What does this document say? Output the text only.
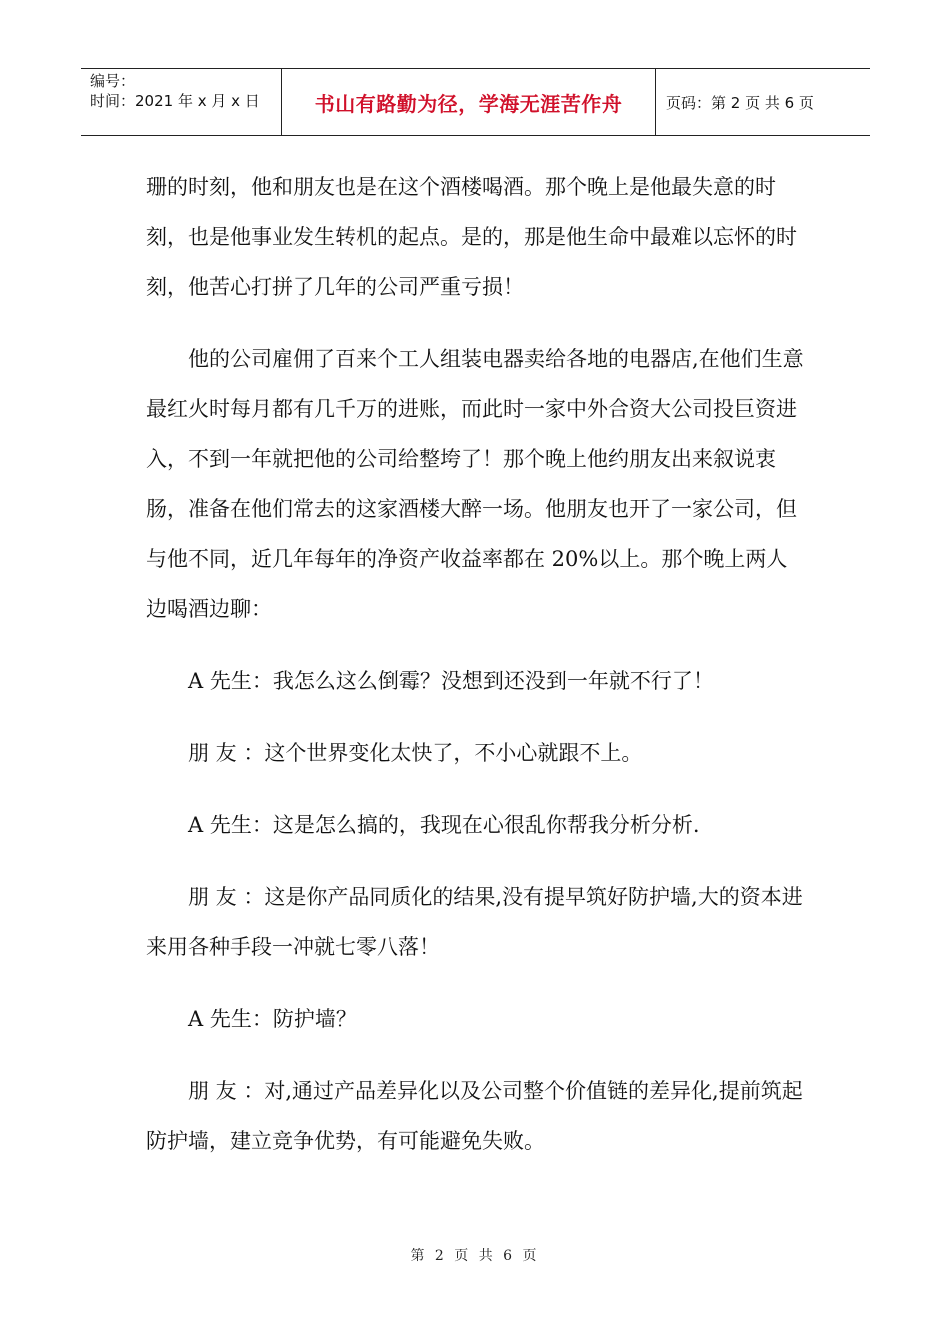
编号：
时间：2021 年 x 月 x 日	书山有路勤为径，学海无涯苦作舟	页码：第 2 页 共 6 页

珊的时刻，他和朋友也是在这个酒楼喝酒。那个晚上是他最失意的时刻，也是他事业发生转机的起点。是的，那是他生命中最难以忘怀的时刻，他苦心打拼了几年的公司严重亏损！

他的公司雇佣了百来个工人组装电器卖给各地的电器店,在他们生意最红火时每月都有几千万的进账，而此时一家中外合资大公司投巨资进入，不到一年就把他的公司给整垮了！那个晚上他约朋友出来叙说衷肠，准备在他们常去的这家酒楼大醉一场。他朋友也开了一家公司，但与他不同，近几年每年的净资产收益率都在 20%以上。那个晚上两人边喝酒边聊：

A 先生：我怎么这么倒霉？没想到还没到一年就不行了！

朋 友 ：这个世界变化太快了，不小心就跟不上。

A 先生：这是怎么搞的，我现在心很乱你帮我分析分析.

朋 友 ：这是你产品同质化的结果,没有提早筑好防护墙,大的资本进来用各种手段一冲就七零八落！

A 先生：防护墙？

朋 友 ：对,通过产品差异化以及公司整个价值链的差异化,提前筑起防护墙，建立竞争优势，有可能避免失败。

第 2 页 共 6 页
